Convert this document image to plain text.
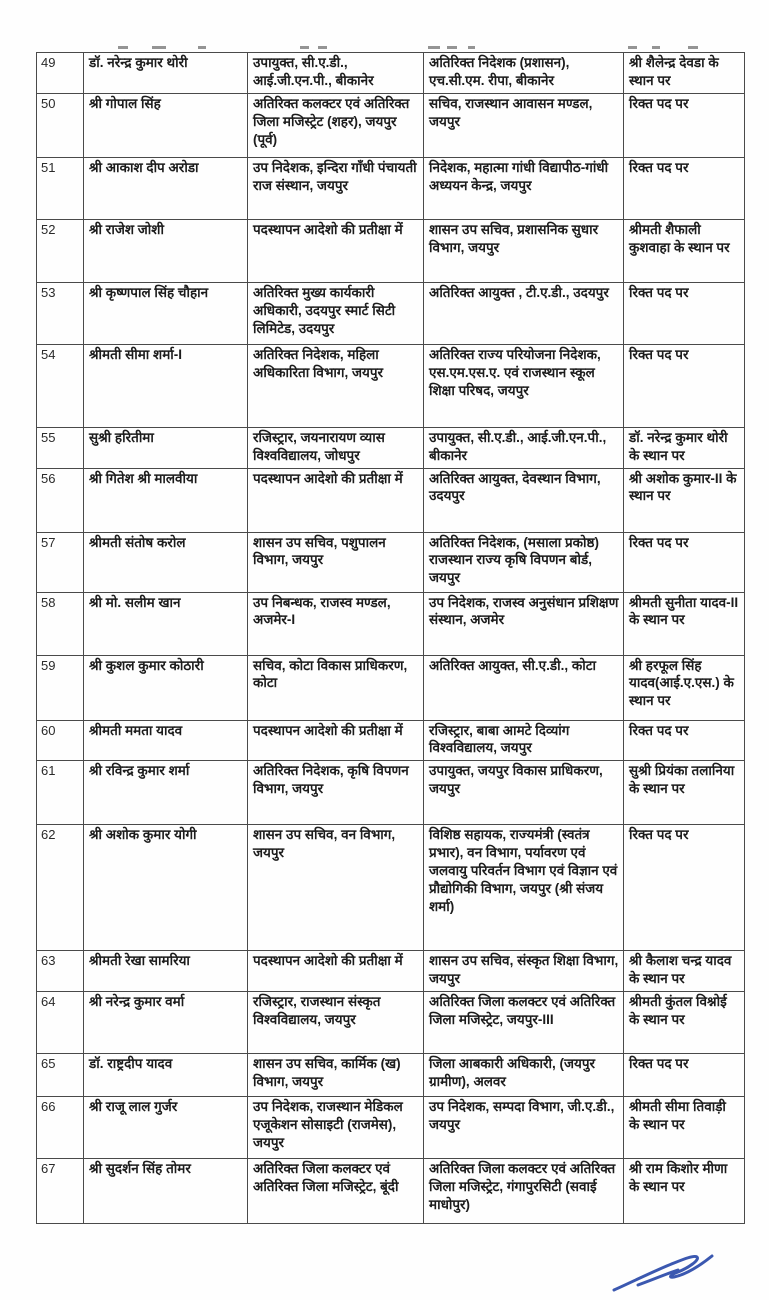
49	डॉ. नरेन्द्र कुमार थोरी	उपायुक्त, सी.ए.डी., आई.जी.एन.पी., बीकानेर	अतिरिक्त निदेशक (प्रशासन), एच.सी.एम. रीपा, बीकानेर	श्री शैलेन्द्र देवडा के स्थान पर
50	श्री गोपाल सिंह	अतिरिक्त कलक्टर एवं अतिरिक्त जिला मजिस्ट्रेट (शहर), जयपुर (पूर्व)	सचिव, राजस्थान आवासन मण्डल, जयपुर	रिक्त पद पर
51	श्री आकाश दीप अरोडा	उप निदेशक, इन्दिरा गाँधी पंचायती राज संस्थान, जयपुर	निदेशक, महात्मा गांधी विद्यापीठ-गांधी अध्ययन केन्द्र, जयपुर	रिक्त पद पर
52	श्री राजेश जोशी	पदस्थापन आदेशो की प्रतीक्षा में	शासन उप सचिव, प्रशासनिक सुधार विभाग, जयपुर	श्रीमती शैफाली कुशवाहा के स्थान पर
53	श्री कृष्णपाल सिंह चौहान	अतिरिक्त मुख्य कार्यकारी अधिकारी, उदयपुर स्मार्ट सिटी लिमिटेड, उदयपुर	अतिरिक्त आयुक्त , टी.ए.डी., उदयपुर	रिक्त पद पर
54	श्रीमती सीमा शर्मा-I	अतिरिक्त निदेशक, महिला अधिकारिता विभाग, जयपुर	अतिरिक्त राज्य परियोजना निदेशक, एस.एम.एस.ए. एवं राजस्थान स्कूल शिक्षा परिषद, जयपुर	रिक्त पद पर
55	सुश्री हरितीमा	रजिस्ट्रार, जयनारायण व्यास विश्वविद्यालय, जोधपुर	उपायुक्त, सी.ए.डी., आई.जी.एन.पी., बीकानेर	डॉ. नरेन्द्र कुमार थोरी के स्थान पर
56	श्री गितेश श्री मालवीया	पदस्थापन आदेशो की प्रतीक्षा में	अतिरिक्त आयुक्त, देवस्थान विभाग, उदयपुर	श्री अशोक कुमार-II के स्थान पर
57	श्रीमती संतोष करोल	शासन उप सचिव, पशुपालन विभाग, जयपुर	अतिरिक्त निदेशक, (मसाला प्रकोष्ठ) राजस्थान राज्य कृषि विपणन बोर्ड, जयपुर	रिक्त पद पर
58	श्री मो. सलीम खान	उप निबन्धक, राजस्व मण्डल, अजमेर-I	उप निदेशक, राजस्व अनुसंधान प्रशिक्षण संस्थान, अजमेर	श्रीमती सुनीता यादव-II के स्थान पर
59	श्री कुशल कुमार कोठारी	सचिव, कोटा विकास प्राधिकरण, कोटा	अतिरिक्त आयुक्त, सी.ए.डी., कोटा	श्री हरफूल सिंह यादव(आई.ए.एस.) के स्थान पर
60	श्रीमती ममता यादव	पदस्थापन आदेशो की प्रतीक्षा में	रजिस्ट्रार, बाबा आमटे दिव्यांग विश्वविद्यालय, जयपुर	रिक्त पद पर
61	श्री रविन्द्र कुमार शर्मा	अतिरिक्त निदेशक, कृषि विपणन विभाग, जयपुर	उपायुक्त, जयपुर विकास प्राधिकरण, जयपुर	सुश्री प्रियंका तलानिया के स्थान पर
62	श्री अशोक कुमार योगी	शासन उप सचिव, वन विभाग, जयपुर	विशिष्ठ सहायक, राज्यमंत्री (स्वतंत्र प्रभार), वन विभाग, पर्यावरण एवं जलवायु परिवर्तन विभाग एवं विज्ञान एवं प्रौद्योगिकी विभाग, जयपुर (श्री संजय शर्मा)	रिक्त पद पर
63	श्रीमती रेखा सामरिया	पदस्थापन आदेशो की प्रतीक्षा में	शासन उप सचिव, संस्कृत शिक्षा विभाग, जयपुर	श्री कैलाश चन्द्र यादव के स्थान पर
64	श्री नरेन्द्र कुमार वर्मा	रजिस्ट्रार, राजस्थान संस्कृत विश्वविद्यालय, जयपुर	अतिरिक्त जिला कलक्टर एवं अतिरिक्त जिला मजिस्ट्रेट, जयपुर-III	श्रीमती कुंतल विश्नोई के स्थान पर
65	डॉ. राष्ट्रदीप यादव	शासन उप सचिव, कार्मिक (ख) विभाग, जयपुर	जिला आबकारी अधिकारी, (जयपुर ग्रामीण), अलवर	रिक्त पद पर
66	श्री राजू लाल गुर्जर	उप निदेशक, राजस्थान मेडिकल एजूकेशन सोसाइटी (राजमेस), जयपुर	उप निदेशक, सम्पदा विभाग, जी.ए.डी., जयपुर	श्रीमती सीमा तिवाड़ी के स्थान पर
67	श्री सुदर्शन सिंह तोमर	अतिरिक्त जिला कलक्टर एवं अतिरिक्त जिला मजिस्ट्रेट, बूंदी	अतिरिक्त जिला कलक्टर एवं अतिरिक्त जिला मजिस्ट्रेट, गंगापुरसिटी (सवाई माधोपुर)	श्री राम किशोर मीणा के स्थान पर
